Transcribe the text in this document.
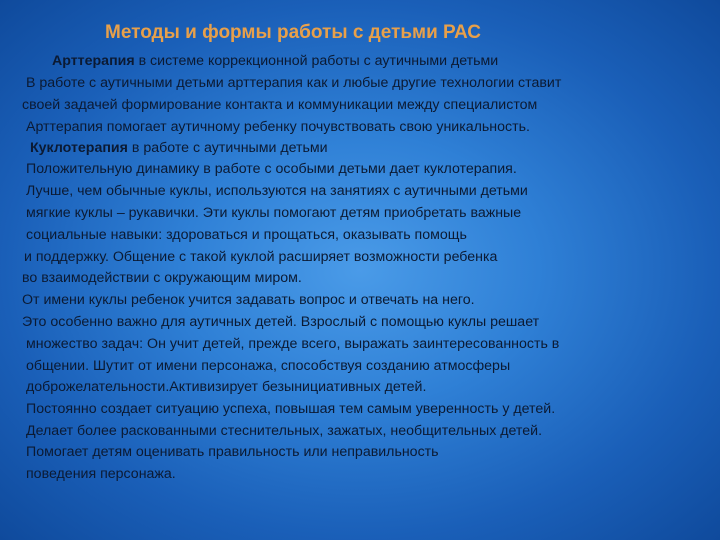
Методы и формы работы с детьми РАС
Арттерапия в системе коррекционной работы с аутичными детьми
В работе с аутичными детьми арттерапия как и любые другие технологии ставит
своей задачей формирование контакта и коммуникации между специалистом
Арттерапия помогает аутичному ребенку почувствовать свою уникальность.
Куклотерапия в работе с аутичными детьми
Положительную динамику в работе с особыми детьми дает куклотерапия.
Лучше, чем обычные куклы, используются на занятиях с аутичными детьми
мягкие куклы – рукавички. Эти куклы помогают детям приобретать важные
социальные навыки: здороваться и прощаться, оказывать помощь
и поддержку. Общение с такой куклой расширяет возможности ребенка
во взаимодействии с окружающим миром.
От имени куклы ребенок учится задавать вопрос и отвечать на него.
Это особенно важно для аутичных детей. Взрослый с помощью куклы решает
множество задач: Он учит детей, прежде всего, выражать заинтересованность в
общении. Шутит от имени персонажа, способствуя созданию атмосферы
доброжелательности.Активизирует безынициативных детей.
Постоянно создает ситуацию успеха, повышая тем самым уверенность у детей.
Делает более раскованными стеснительных, зажатых, необщительных детей.
Помогает детям оценивать правильность или неправильность
поведения персонажа.
